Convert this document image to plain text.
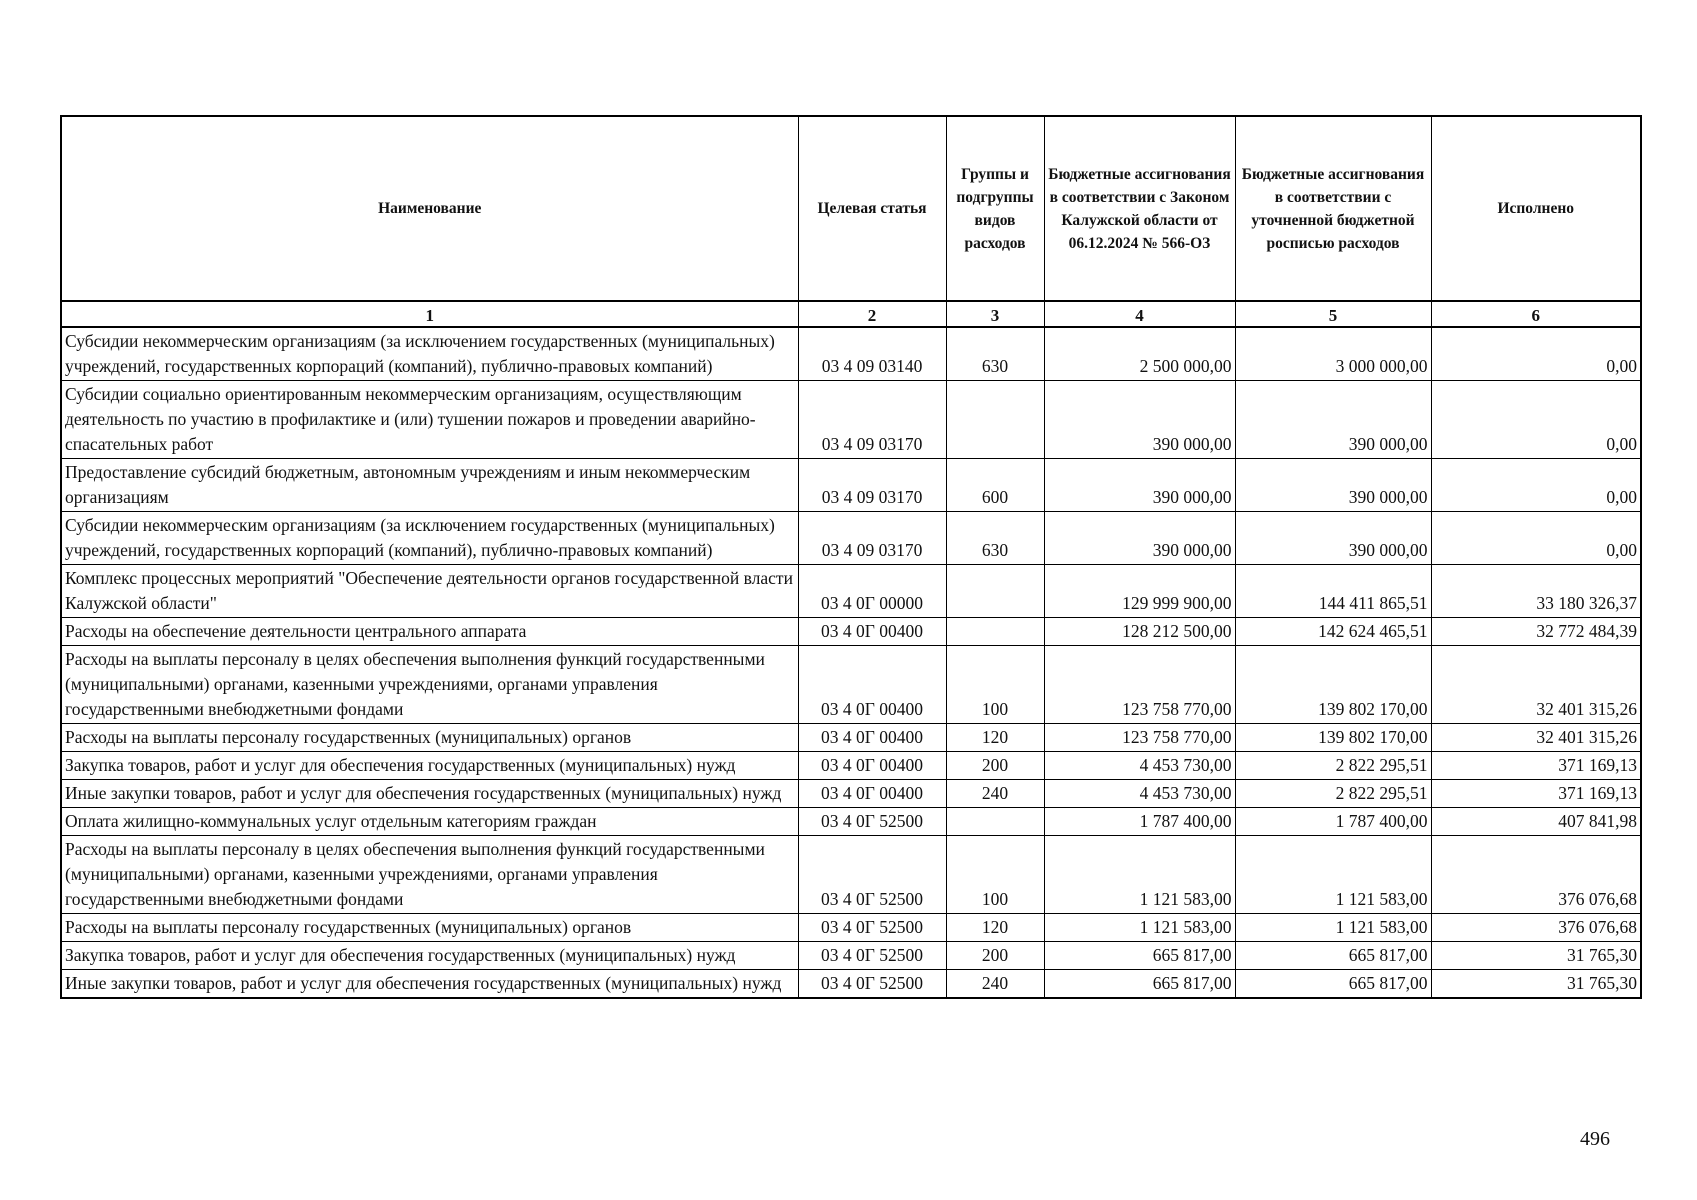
Наименование	Целевая статья	Группы и подгруппы видов расходов	Бюджетные ассигнования в соответствии с Законом Калужской области от 06.12.2024 № 566-ОЗ	Бюджетные ассигнования в соответствии с уточненной бюджетной росписью расходов	Исполнено
1	2	3	4	5	6
Субсидии некоммерческим организациям (за исключением государственных (муниципальных) учреждений, государственных корпораций (компаний), публично-правовых компаний)	03 4 09 03140	630	2 500 000,00	3 000 000,00	0,00
Субсидии социально ориентированным некоммерческим организациям, осуществляющим деятельность по участию в профилактике и (или) тушении пожаров и проведении аварийно-спасательных работ	03 4 09 03170		390 000,00	390 000,00	0,00
Предоставление субсидий бюджетным, автономным учреждениям и иным некоммерческим организациям	03 4 09 03170	600	390 000,00	390 000,00	0,00
Субсидии некоммерческим организациям (за исключением государственных (муниципальных) учреждений, государственных корпораций (компаний), публично-правовых компаний)	03 4 09 03170	630	390 000,00	390 000,00	0,00
Комплекс процессных мероприятий "Обеспечение деятельности органов государственной власти Калужской области"	03 4 0Г 00000		129 999 900,00	144 411 865,51	33 180 326,37
Расходы на обеспечение деятельности центрального аппарата	03 4 0Г 00400		128 212 500,00	142 624 465,51	32 772 484,39
Расходы на выплаты персоналу в целях обеспечения выполнения функций государственными (муниципальными) органами, казенными учреждениями, органами управления государственными внебюджетными фондами	03 4 0Г 00400	100	123 758 770,00	139 802 170,00	32 401 315,26
Расходы на выплаты персоналу государственных (муниципальных) органов	03 4 0Г 00400	120	123 758 770,00	139 802 170,00	32 401 315,26
Закупка товаров, работ и услуг для обеспечения государственных (муниципальных) нужд	03 4 0Г 00400	200	4 453 730,00	2 822 295,51	371 169,13
Иные закупки товаров, работ и услуг для обеспечения государственных (муниципальных) нужд	03 4 0Г 00400	240	4 453 730,00	2 822 295,51	371 169,13
Оплата жилищно-коммунальных услуг отдельным категориям граждан	03 4 0Г 52500		1 787 400,00	1 787 400,00	407 841,98
Расходы на выплаты персоналу в целях обеспечения выполнения функций государственными (муниципальными) органами, казенными учреждениями, органами управления государственными внебюджетными фондами	03 4 0Г 52500	100	1 121 583,00	1 121 583,00	376 076,68
Расходы на выплаты персоналу государственных (муниципальных) органов	03 4 0Г 52500	120	1 121 583,00	1 121 583,00	376 076,68
Закупка товаров, работ и услуг для обеспечения государственных (муниципальных) нужд	03 4 0Г 52500	200	665 817,00	665 817,00	31 765,30
Иные закупки товаров, работ и услуг для обеспечения государственных (муниципальных) нужд	03 4 0Г 52500	240	665 817,00	665 817,00	31 765,30
496
